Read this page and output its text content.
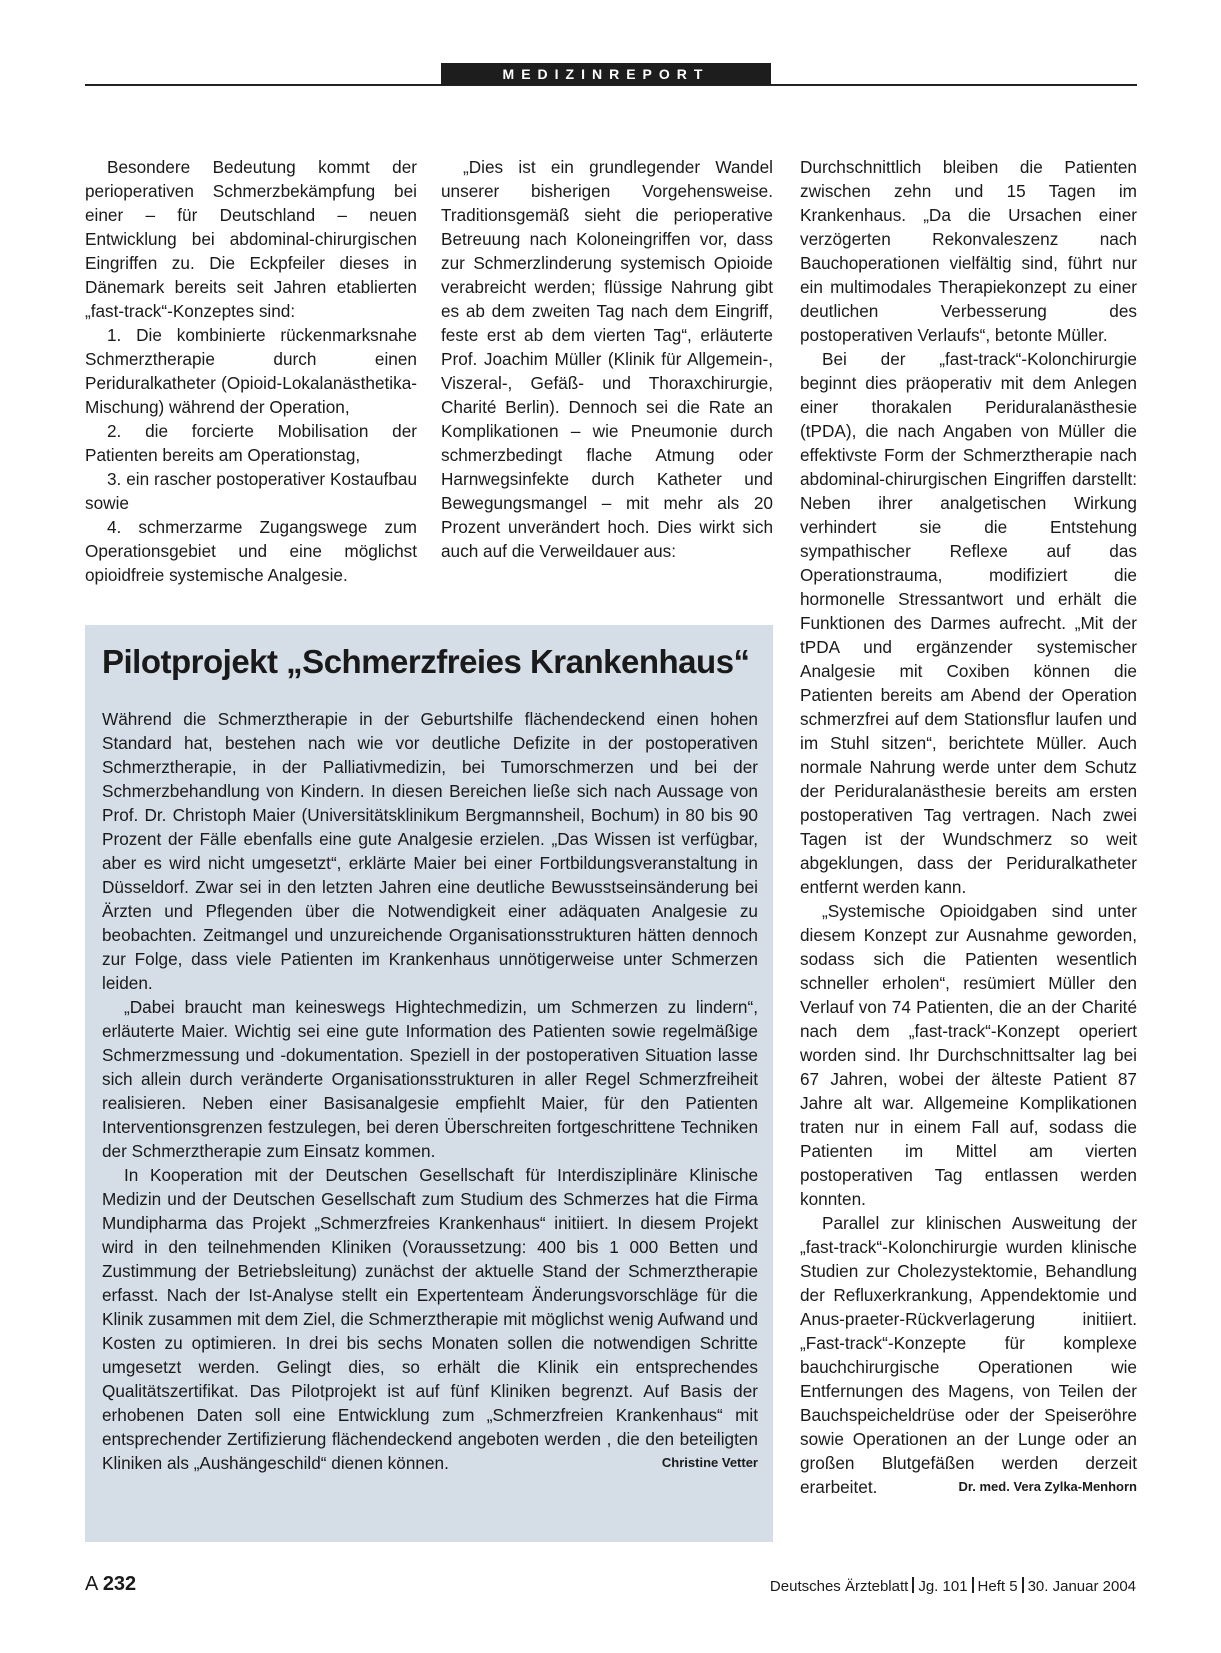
MEDIZINREPORT

Besondere Bedeutung kommt der perioperativen Schmerzbekämpfung bei einer – für Deutschland – neuen Entwicklung bei abdominal-chirurgischen Eingriffen zu. Die Eckpfeiler dieses in Dänemark bereits seit Jahren etablierten „fast-track“-Konzeptes sind:

1. Die kombinierte rückenmarksnahe Schmerztherapie durch einen Periduralkatheter (Opioid-Lokalanästhetika-Mischung) während der Operation,

2. die forcierte Mobilisation der Patienten bereits am Operationstag,

3. ein rascher postoperativer Kostaufbau sowie

4. schmerzarme Zugangswege zum Operationsgebiet und eine möglichst opioidfreie systemische Analgesie.

„Dies ist ein grundlegender Wandel unserer bisherigen Vorgehensweise. Traditionsgemäß sieht die perioperative Betreuung nach Koloneingriffen vor, dass zur Schmerzlinderung systemisch Opioide verabreicht werden; flüssige Nahrung gibt es ab dem zweiten Tag nach dem Eingriff, feste erst ab dem vierten Tag“, erläuterte Prof. Joachim Müller (Klinik für Allgemein-, Viszeral-, Gefäß- und Thoraxchirurgie, Charité Berlin). Dennoch sei die Rate an Komplikationen – wie Pneumonie durch schmerzbedingt flache Atmung oder Harnwegsinfekte durch Katheter und Bewegungsmangel – mit mehr als 20 Prozent unverändert hoch. Dies wirkt sich auch auf die Verweildauer aus:

Durchschnittlich bleiben die Patienten zwischen zehn und 15 Tagen im Krankenhaus. „Da die Ursachen einer verzögerten Rekonvaleszenz nach Bauchoperationen vielfältig sind, führt nur ein multimodales Therapiekonzept zu einer deutlichen Verbesserung des postoperativen Verlaufs“, betonte Müller.

Bei der „fast-track“-Kolonchirurgie beginnt dies präoperativ mit dem Anlegen einer thorakalen Periduralanästhesie (tPDA), die nach Angaben von Müller die effektivste Form der Schmerztherapie nach abdominal-chirurgischen Eingriffen darstellt: Neben ihrer analgetischen Wirkung verhindert sie die Entstehung sympathischer Reflexe auf das Operationstrauma, modifiziert die hormonelle Stressantwort und erhält die Funktionen des Darmes aufrecht. „Mit der tPDA und ergänzender systemischer Analgesie mit Coxiben können die Patienten bereits am Abend der Operation schmerzfrei auf dem Stationsflur laufen und im Stuhl sitzen“, berichtete Müller. Auch normale Nahrung werde unter dem Schutz der Periduralanästhesie bereits am ersten postoperativen Tag vertragen. Nach zwei Tagen ist der Wundschmerz so weit abgeklungen, dass der Periduralkatheter entfernt werden kann.

„Systemische Opioidgaben sind unter diesem Konzept zur Ausnahme geworden, sodass sich die Patienten wesentlich schneller erholen“, resümiert Müller den Verlauf von 74 Patienten, die an der Charité nach dem „fast-track“-Konzept operiert worden sind. Ihr Durchschnittsalter lag bei 67 Jahren, wobei der älteste Patient 87 Jahre alt war. Allgemeine Komplikationen traten nur in einem Fall auf, sodass die Patienten im Mittel am vierten postoperativen Tag entlassen werden konnten.

Parallel zur klinischen Ausweitung der „fast-track“-Kolonchirurgie wurden klinische Studien zur Cholezystektomie, Behandlung der Refluxerkrankung, Appendektomie und Anus-praeter-Rückverlagerung initiiert. „Fast-track“-Konzepte für komplexe bauchchirurgische Operationen wie Entfernungen des Magens, von Teilen der Bauchspeicheldrüse oder der Speiseröhre sowie Operationen an der Lunge oder an großen Blutgefäßen werden derzeit erarbeitet.	Dr. med. Vera Zylka-Menhorn

Pilotprojekt „Schmerzfreies Krankenhaus“

Während die Schmerztherapie in der Geburtshilfe flächendeckend einen hohen Standard hat, bestehen nach wie vor deutliche Defizite in der postoperativen Schmerztherapie, in der Palliativmedizin, bei Tumorschmerzen und bei der Schmerzbehandlung von Kindern. In diesen Bereichen ließe sich nach Aussage von Prof. Dr. Christoph Maier (Universitätsklinikum Bergmannsheil, Bochum) in 80 bis 90 Prozent der Fälle ebenfalls eine gute Analgesie erzielen. „Das Wissen ist verfügbar, aber es wird nicht umgesetzt“, erklärte Maier bei einer Fortbildungsveranstaltung in Düsseldorf. Zwar sei in den letzten Jahren eine deutliche Bewusstseinsänderung bei Ärzten und Pflegenden über die Notwendigkeit einer adäquaten Analgesie zu beobachten. Zeitmangel und unzureichende Organisationsstrukturen hätten dennoch zur Folge, dass viele Patienten im Krankenhaus unnötigerweise unter Schmerzen leiden.

„Dabei braucht man keineswegs Hightechmedizin, um Schmerzen zu lindern“, erläuterte Maier. Wichtig sei eine gute Information des Patienten sowie regelmäßige Schmerzmessung und -dokumentation. Speziell in der postoperativen Situation lasse sich allein durch veränderte Organisationsstrukturen in aller Regel Schmerzfreiheit realisieren. Neben einer Basisanalgesie empfiehlt Maier, für den Patienten Interventionsgrenzen festzulegen, bei deren Überschreiten fortgeschrittene Techniken der Schmerztherapie zum Einsatz kommen.

In Kooperation mit der Deutschen Gesellschaft für Interdisziplinäre Klinische Medizin und der Deutschen Gesellschaft zum Studium des Schmerzes hat die Firma Mundipharma das Projekt „Schmerzfreies Krankenhaus“ initiiert. In diesem Projekt wird in den teilnehmenden Kliniken (Voraussetzung: 400 bis 1 000 Betten und Zustimmung der Betriebsleitung) zunächst der aktuelle Stand der Schmerztherapie erfasst. Nach der Ist-Analyse stellt ein Expertenteam Änderungsvorschläge für die Klinik zusammen mit dem Ziel, die Schmerztherapie mit möglichst wenig Aufwand und Kosten zu optimieren. In drei bis sechs Monaten sollen die notwendigen Schritte umgesetzt werden. Gelingt dies, so erhält die Klinik ein entsprechendes Qualitätszertifikat. Das Pilotprojekt ist auf fünf Kliniken begrenzt. Auf Basis der erhobenen Daten soll eine Entwicklung zum „Schmerzfreien Krankenhaus“ mit entsprechender Zertifizierung flächendeckend angeboten werden , die den beteiligten Kliniken als „Aushängeschild“ dienen können.	Christine Vetter

A 232	Deutsches Ärzteblatt Jg. 101 Heft 5 30. Januar 2004
